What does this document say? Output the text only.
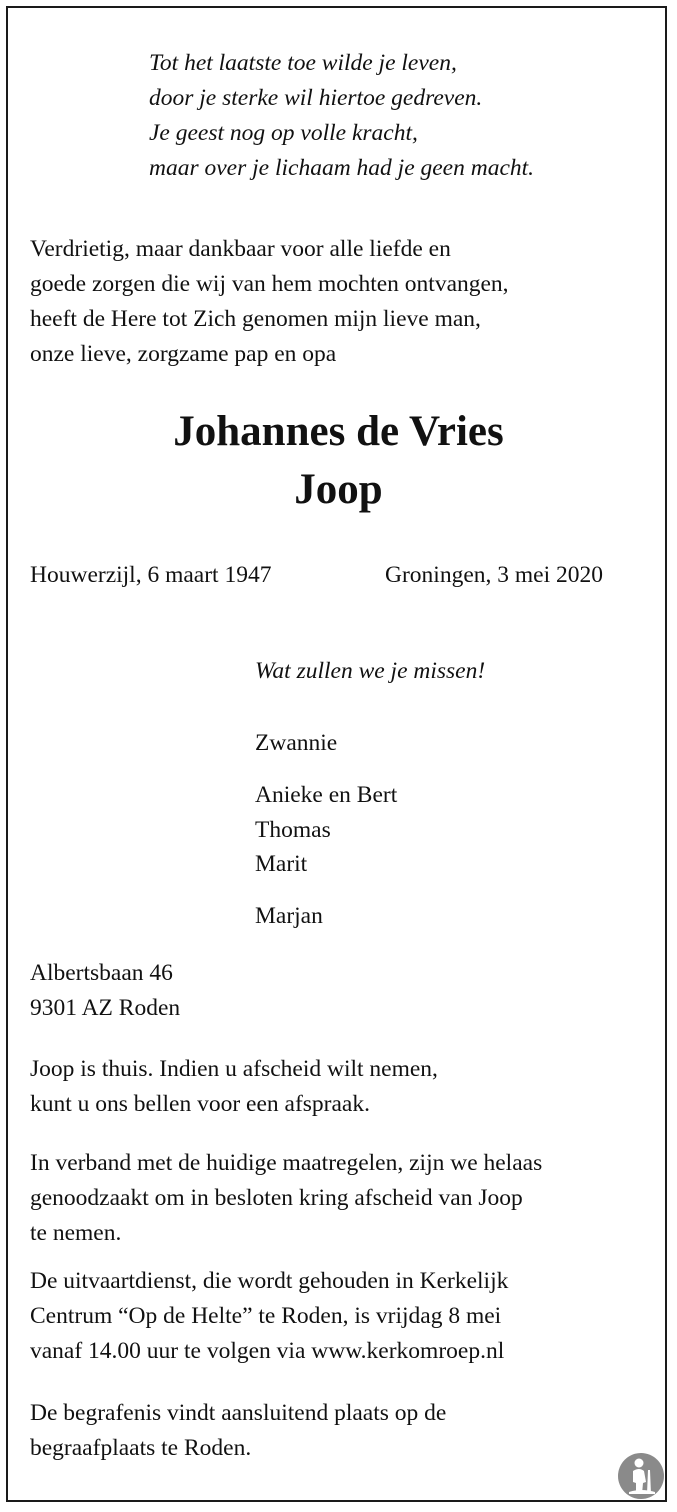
Tot het laatste toe wilde je leven,
door je sterke wil hiertoe gedreven.
Je geest nog op volle kracht,
maar over je lichaam had je geen macht.
Verdrietig, maar dankbaar voor alle liefde en
goede zorgen die wij van hem mochten ontvangen,
heeft de Here tot Zich genomen mijn lieve man,
onze lieve, zorgzame pap en opa
Johannes de Vries
Joop
Houwerzijl, 6 maart 1947	Groningen, 3 mei 2020
Wat zullen we je missen!
Zwannie
Anieke en Bert
Thomas
Marit
Marjan
Albertsbaan 46
9301 AZ Roden
Joop is thuis. Indien u afscheid wilt nemen,
kunt u ons bellen voor een afspraak.
In verband met de huidige maatregelen, zijn we helaas
genoodzaakt om in besloten kring afscheid van Joop
te nemen.
De uitvaartdienst, die wordt gehouden in Kerkelijk
Centrum “Op de Helte” te Roden, is vrijdag 8 mei
vanaf 14.00 uur te volgen via www.kerkomroep.nl
De begrafenis vindt aansluitend plaats op de
begraafplaats te Roden.
